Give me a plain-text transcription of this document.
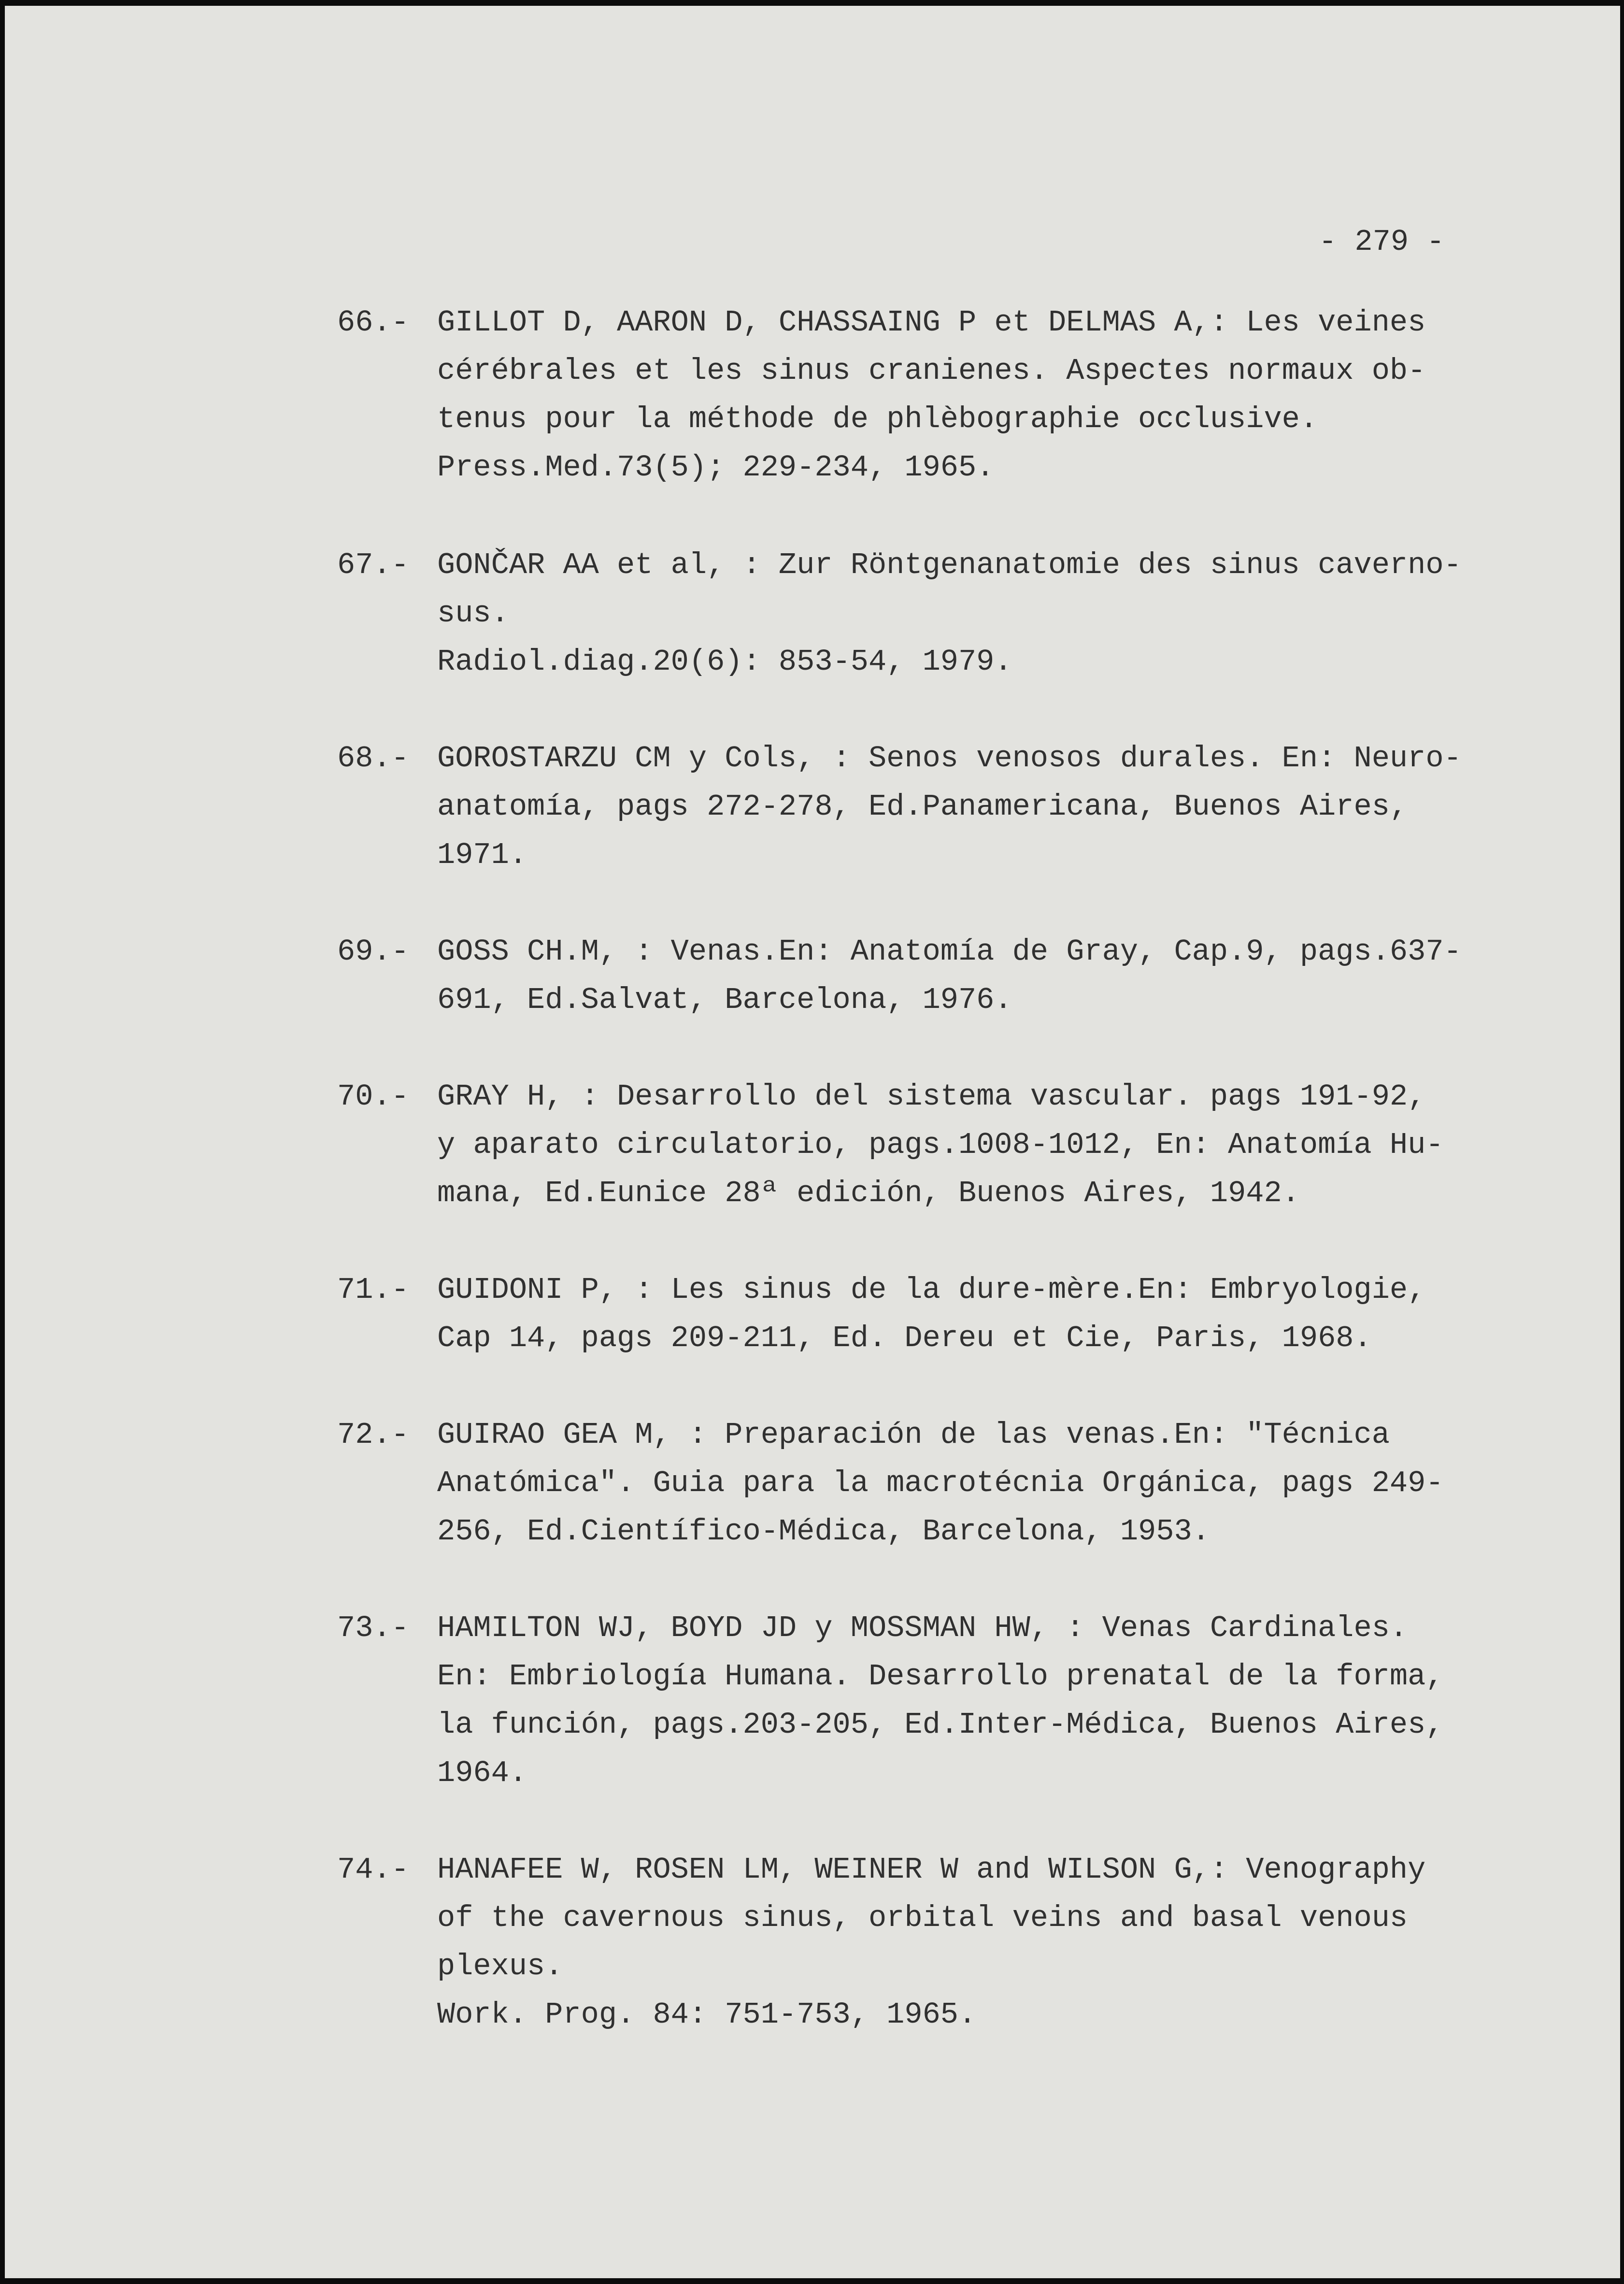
- 279 -
66.- GILLOT D, AARON D, CHASSAING P et DELMAS A,: Les veines
cérébrales et les sinus cranienes. Aspectes normaux ob-
tenus pour la méthode de phlèbographie occlusive.
Press.Med.73(5); 229-234, 1965.
67.- GONČAR AA et al, : Zur Röntgenanatomie des sinus caverno-
sus.
Radiol.diag.20(6): 853-54, 1979.
68.- GOROSTARZU CM y Cols, : Senos venosos durales. En: Neuro-
anatomía, pags 272-278, Ed.Panamericana, Buenos Aires,
1971.
69.- GOSS CH.M, : Venas.En: Anatomía de Gray, Cap.9, pags.637-
691, Ed.Salvat, Barcelona, 1976.
70.- GRAY H, : Desarrollo del sistema vascular. pags 191-92,
y aparato circulatorio, pags.1008-1012, En: Anatomía Hu-
mana, Ed.Eunice 28ª edición, Buenos Aires, 1942.
71.- GUIDONI P, : Les sinus de la dure-mère.En: Embryologie,
Cap 14, pags 209-211, Ed. Dereu et Cie, Paris, 1968.
72.- GUIRAO GEA M, : Preparación de las venas.En: "Técnica
Anatómica". Guia para la macrotécnia Orgánica, pags 249-
256, Ed.Científico-Médica, Barcelona, 1953.
73.- HAMILTON WJ, BOYD JD y MOSSMAN HW, : Venas Cardinales.
En: Embriología Humana. Desarrollo prenatal de la forma,
la función, pags.203-205, Ed.Inter-Médica, Buenos Aires,
1964.
74.- HANAFEE W, ROSEN LM, WEINER W and WILSON G,: Venography
of the cavernous sinus, orbital veins and basal venous
plexus.
Work. Prog. 84: 751-753, 1965.
